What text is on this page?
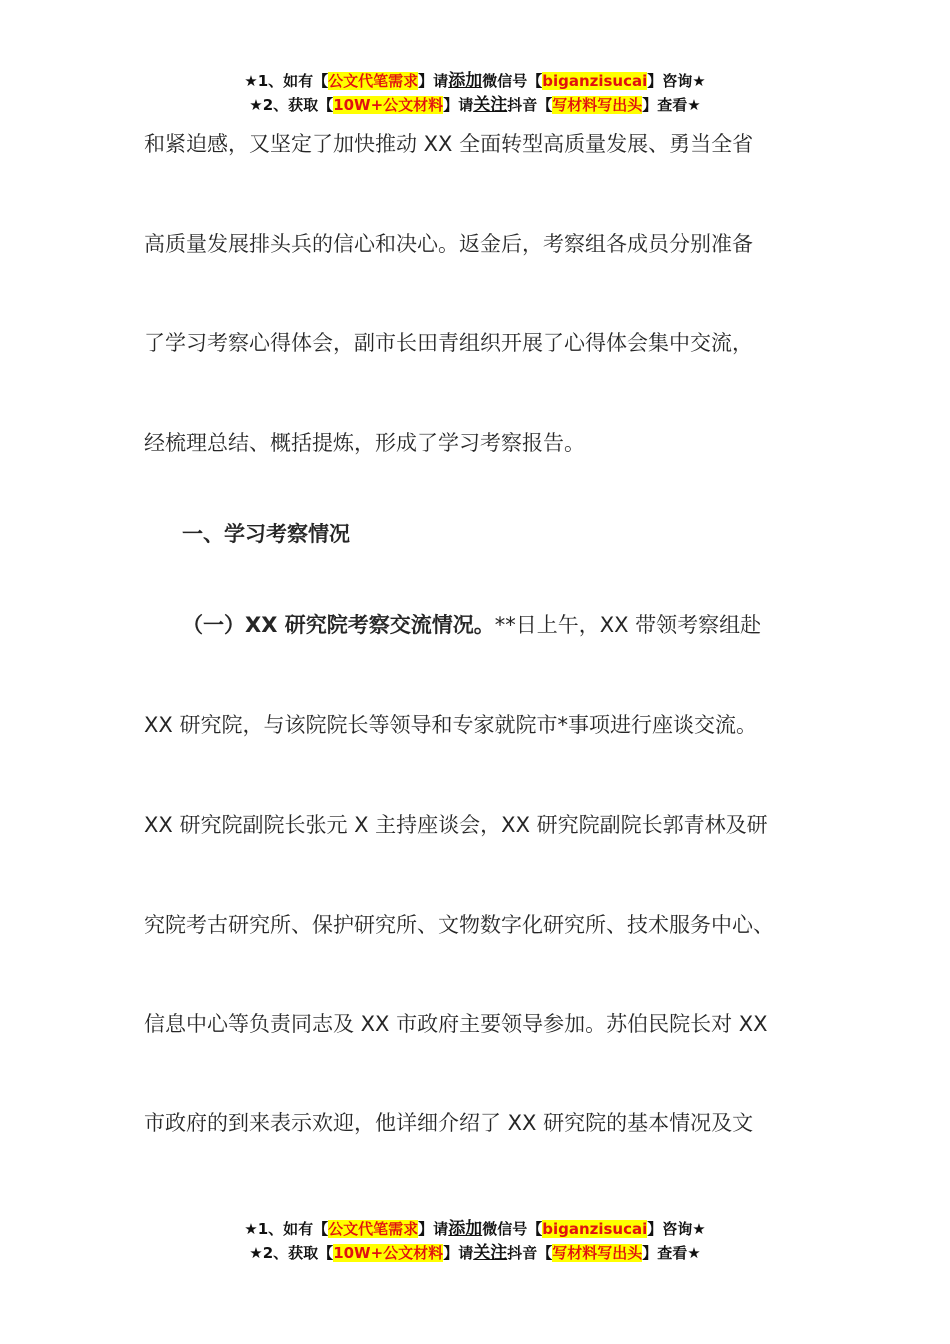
★1、如有【公文代笔需求】请添加微信号【biganzisucai】咨询★
★2、获取【10W+公文材料】请关注抖音【写材料写出头】查看★
和紧迫感，又坚定了加快推动 XX 全面转型高质量发展、勇当全省
高质量发展排头兵的信心和决心。返金后，考察组各成员分别准备
了学习考察心得体会，副市长田青组织开展了心得体会集中交流，
经梳理总结、概括提炼，形成了学习考察报告。
一、学习考察情况
（一）XX 研究院考察交流情况。**日上午，XX 带领考察组赴
XX 研究院，与该院院长等领导和专家就院市*事项进行座谈交流。
XX 研究院副院长张元 X 主持座谈会，XX 研究院副院长郭青林及研
究院考古研究所、保护研究所、文物数字化研究所、技术服务中心、
信息中心等负责同志及 XX 市政府主要领导参加。苏伯民院长对 XX
市政府的到来表示欢迎，他详细介绍了 XX 研究院的基本情况及文
★1、如有【公文代笔需求】请添加微信号【biganzisucai】咨询★
★2、获取【10W+公文材料】请关注抖音【写材料写出头】查看★
